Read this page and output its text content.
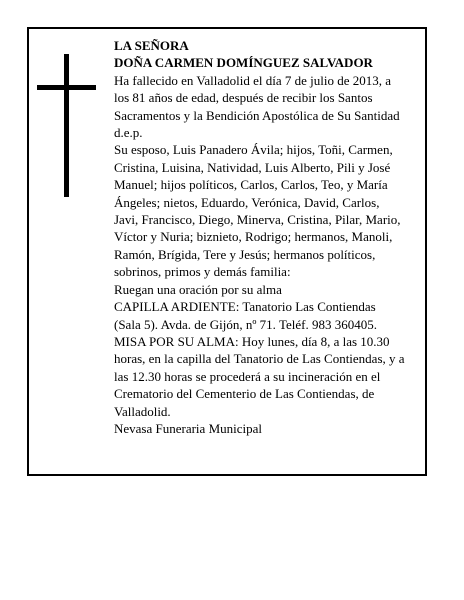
LA SEÑORA
DOÑA CARMEN DOMÍNGUEZ SALVADOR
Ha fallecido en Valladolid el día 7 de julio de 2013, a
los 81 años de edad, después de recibir los Santos
Sacramentos y la Bendición Apostólica de Su Santidad
d.e.p.
Su esposo, Luis Panadero Ávila; hijos, Toñi, Carmen,
Cristina, Luisina, Natividad, Luis Alberto, Pili y José
Manuel; hijos políticos, Carlos, Carlos, Teo, y María
Ángeles; nietos, Eduardo, Verónica, David, Carlos,
Javi, Francisco, Diego, Minerva, Cristina, Pilar, Mario,
Víctor y Nuria; biznieto, Rodrigo; hermanos, Manoli,
Ramón, Brígida, Tere y Jesús; hermanos políticos,
sobrinos, primos y demás familia:
Ruegan una oración por su alma
CAPILLA ARDIENTE: Tanatorio Las Contiendas
(Sala 5). Avda. de Gijón, nº 71. Teléf. 983 360405.
MISA POR SU ALMA: Hoy lunes, día 8, a las 10.30
horas, en la capilla del Tanatorio de Las Contiendas, y a
las 12.30 horas se procederá a su incineración en el
Crematorio del Cementerio de Las Contiendas, de
Valladolid.
Nevasa Funeraria Municipal
